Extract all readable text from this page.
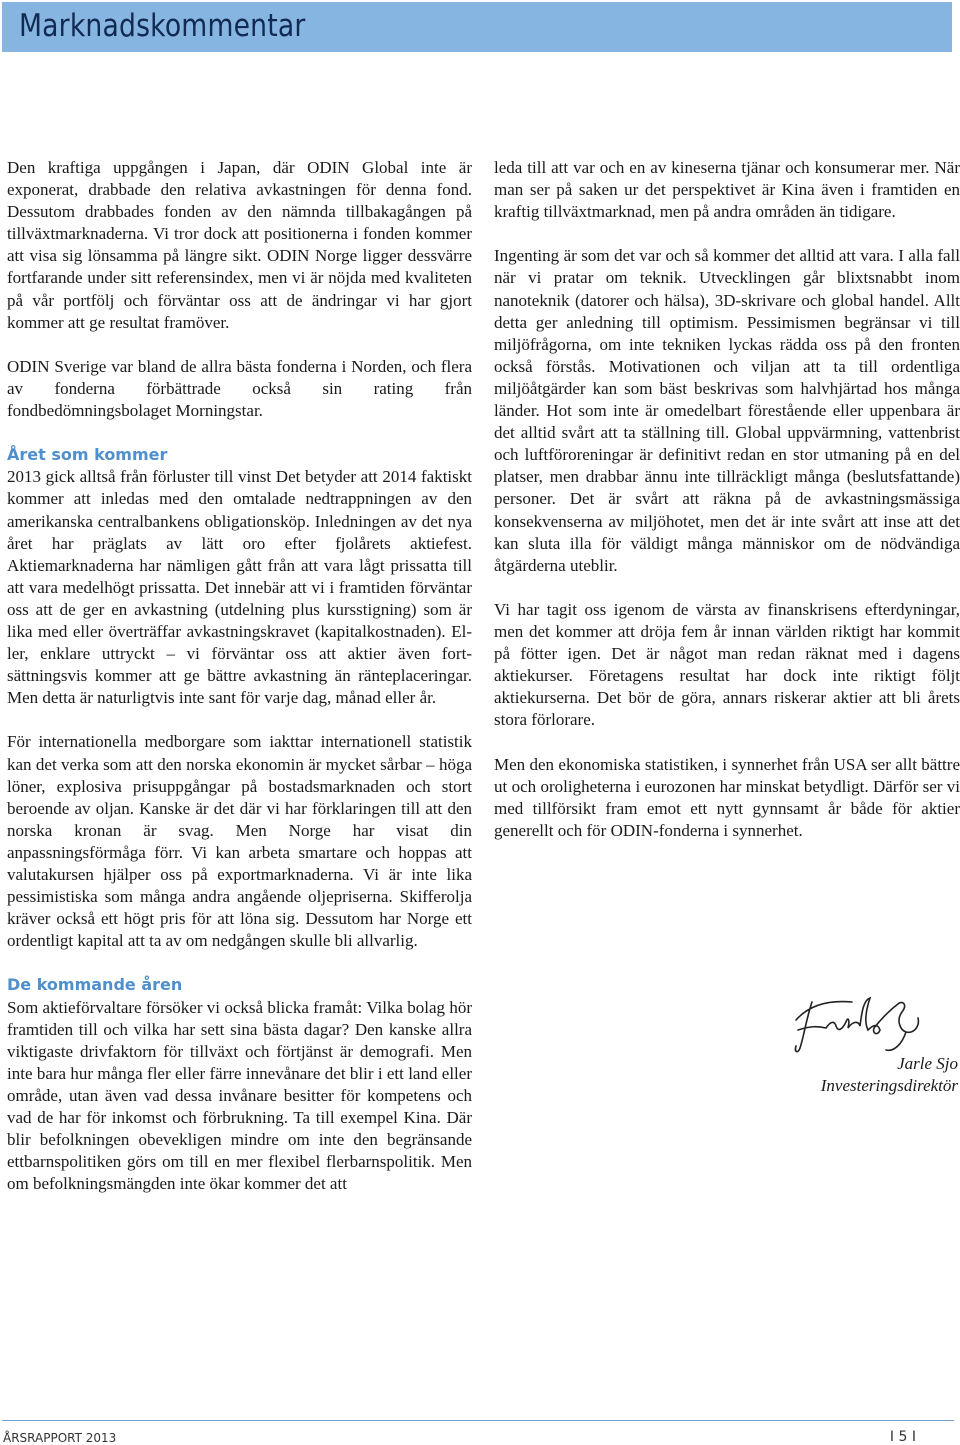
Marknadskommentar

Den kraftiga uppgången i Japan, där ODIN Global inte är exponerat, drabbade den relativa avkastningen för denna fond. Dessutom drabbades fonden av den nämnda tillbakagången på tillväxtmarknaderna. Vi tror dock att positionerna i fonden kommer att visa sig lönsamma på längre sikt. ODIN Norge ligger dessvärre fortfarande under sitt referensindex, men vi är nöjda med kvaliteten på vår portfölj och förväntar oss att de ändringar vi har gjort kommer att ge resultat framöver.

ODIN Sverige var bland de allra bästa fonderna i Norden, och flera av fonderna förbättrade också sin rating från fondbedömningsbolaget Morningstar.

Året som kommer

2013 gick alltså från förluster till vinst Det betyder att 2014 faktiskt kommer att inledas med den omtalade nedtrappningen av den amerikanska centralbankens obligationsköp. Inledningen av det nya året har präglats av lätt oro efter fjolårets aktiefest. Aktiemarknaderna har nämligen gått från att vara lågt prissatta till att vara medelhögt prissatta. Det innebär att vi i framtiden förväntar oss att de ger en avkastning (utdelning plus kursstigning) som är lika med eller överträffar avkastningskravet (kapitalkostnaden). Eller, enklare uttryckt – vi förväntar oss att aktier även fortsättningsvis kommer att ge bättre avkastning än ränteplaceringar. Men detta är naturligtvis inte sant för varje dag, månad eller år.

För internationella medborgare som iakttar internationell statistik kan det verka som att den norska ekonomin är mycket sårbar – höga löner, explosiva prisuppgångar på bostadsmarknaden och stort beroende av oljan. Kanske är det där vi har förklaringen till att den norska kronan är svag. Men Norge har visat din anpassningsförmåga förr. Vi kan arbeta smartare och hoppas att valutakursen hjälper oss på exportmarknaderna. Vi är inte lika pessimistiska som många andra angående oljepriserna. Skifferolja kräver också ett högt pris för att löna sig. Dessutom har Norge ett ordentligt kapital att ta av om nedgången skulle bli allvarlig.

De kommande åren

Som aktieförvaltare försöker vi också blicka framåt: Vilka bolag hör framtiden till och vilka har sett sina bästa dagar? Den kanske allra viktigaste drivfaktorn för tillväxt och förtjänst är demografi. Men inte bara hur många fler eller färre innevånare det blir i ett land eller område, utan även vad dessa invånare besitter för kompetens och vad de har för inkomst och förbrukning. Ta till exempel Kina. Där blir befolkningen obevekligen mindre om inte den begränsande ettbarnspolitiken görs om till en mer flexibel flerbarnspolitik. Men om befolkningsmängden inte ökar kommer det att

leda till att var och en av kineserna tjänar och konsumerar mer. När man ser på saken ur det perspektivet är Kina även i framtiden en kraftig tillväxtmarknad, men på andra områden än tidigare.

Ingenting är som det var och så kommer det alltid att vara. I alla fall när vi pratar om teknik. Utvecklingen går blixtsnabbt inom nanoteknik (datorer och hälsa), 3D-skrivare och global handel. Allt detta ger anledning till optimism. Pessimismen begränsar vi till miljöfrågorna, om inte tekniken lyckas rädda oss på den fronten också förstås. Motivationen och viljan att ta till ordentliga miljöåtgärder kan som bäst beskrivas som halvhjärtad hos många länder. Hot som inte är omedelbart förestående eller uppenbara är det alltid svårt att ta ställning till. Global uppvärmning, vattenbrist och luftföroreningar är definitivt redan en stor utmaning på en del platser, men drabbar ännu inte tillräckligt många (beslutsfattande) personer. Det är svårt att räkna på de avkastningsmässiga konsekvenserna av miljöhotet, men det är inte svårt att inse att det kan sluta illa för väldigt många människor om de nödvändiga åtgärderna uteblir.

Vi har tagit oss igenom de värsta av finanskrisens efterdyningar, men det kommer att dröja fem år innan världen riktigt har kommit på fötter igen. Det är något man redan räknat med i dagens aktiekurser. Företagens resultat har dock inte riktigt följt aktiekurserna. Det bör de göra, annars riskerar aktier att bli årets stora förlorare.

Men den ekonomiska statistiken, i synnerhet från USA ser allt bättre ut och oroligheterna i eurozonen har minskat betydligt. Därför ser vi med tillförsikt fram emot ett nytt gynnsamt år både för aktier generellt och för ODIN-fonderna i synnerhet.

Jarle Sjo
Investeringsdirektör
ÅRSRAPPORT 2013	I 5 I
